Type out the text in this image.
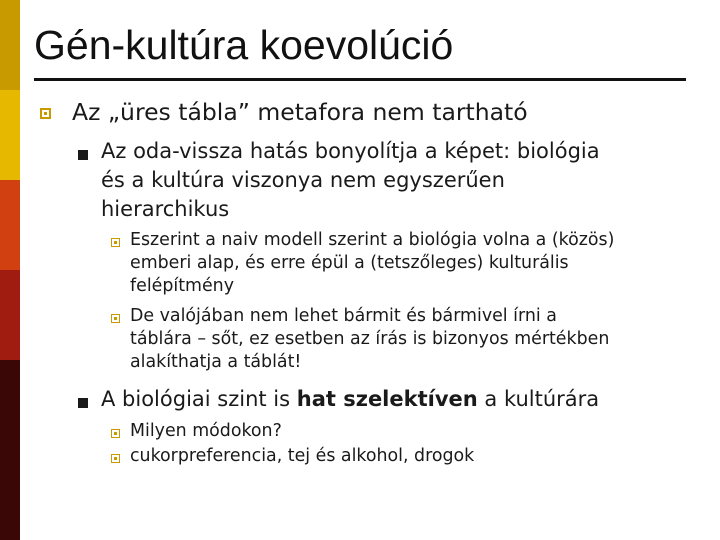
Gén-kultúra koevolúció
Az „üres tábla” metafora nem tartható
Az oda-vissza hatás bonyolítja a képet: biológia
és a kultúra viszonya nem egyszerűen
hierarchikus
Eszerint a naiv modell szerint a biológia volna a (közös)
emberi alap, és erre épül a (tetszőleges) kulturális
felépítmény
De valójában nem lehet bármit és bármivel írni a
táblára – sőt, ez esetben az írás is bizonyos mértékben
alakíthatja a táblát!
A biológiai szint is hat szelektíven a kultúrára
Milyen módokon?
cukorpreferencia, tej és alkohol, drogok
